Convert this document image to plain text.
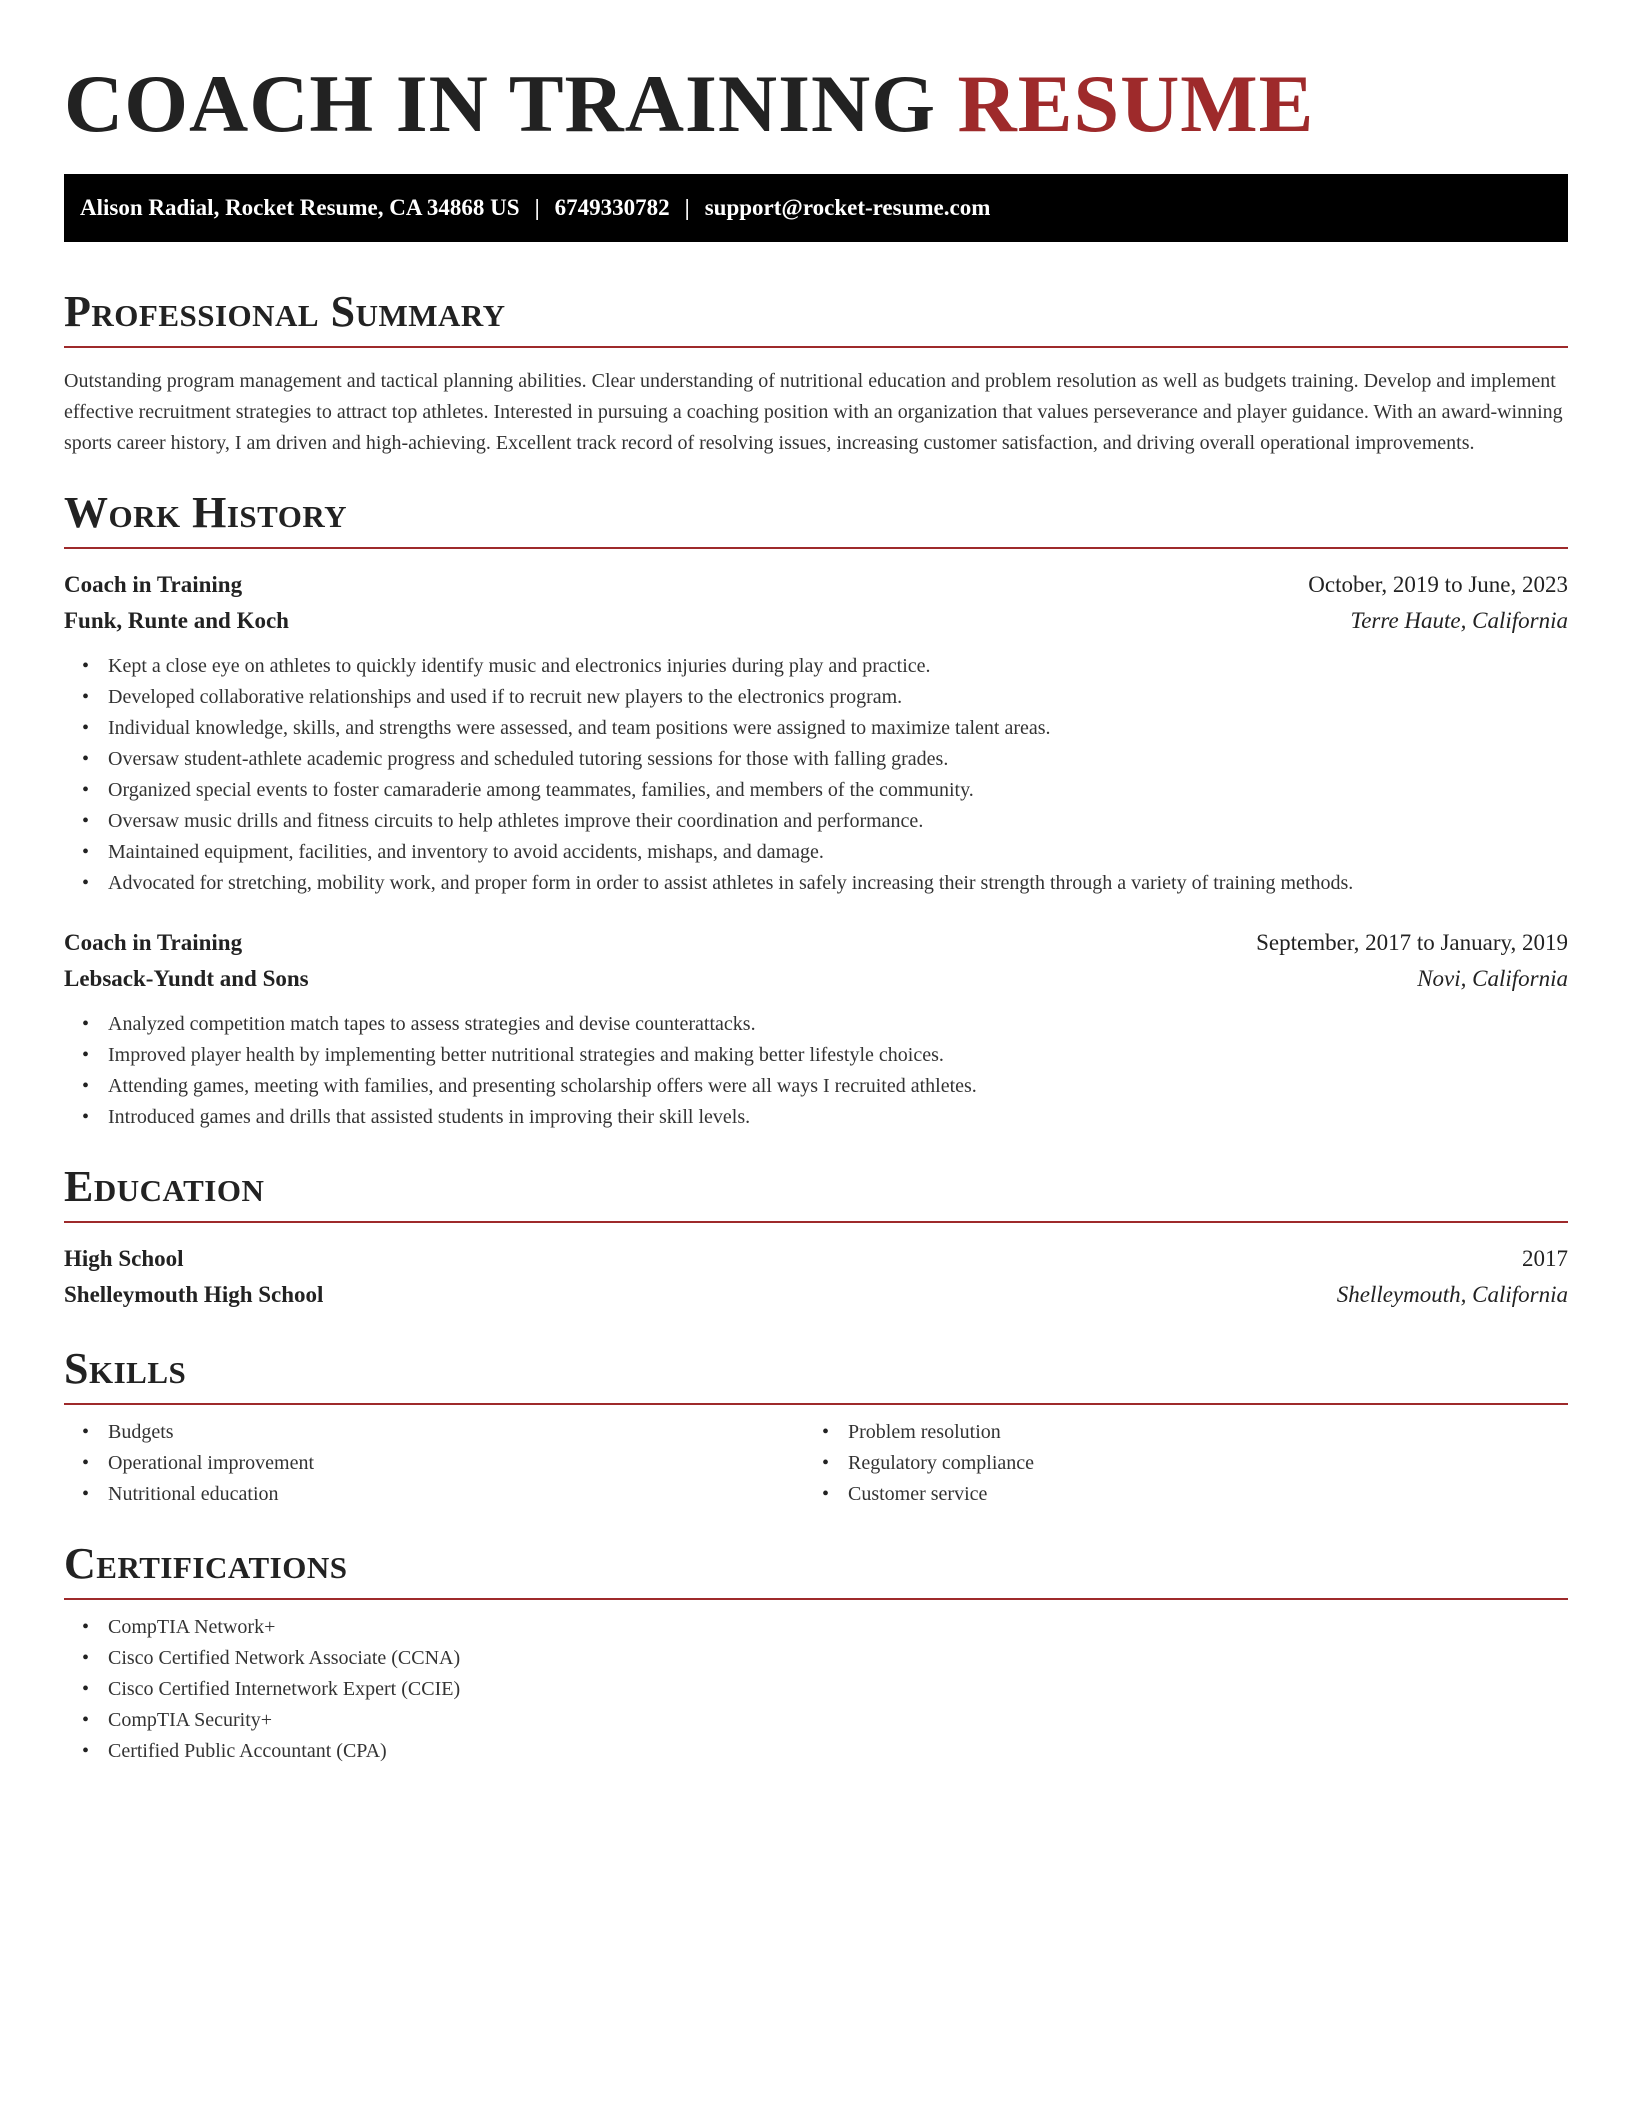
COACH IN TRAINING RESUME
Alison Radial, Rocket Resume, CA 34868 US | 6749330782 | support@rocket-resume.com
Professional Summary

Outstanding program management and tactical planning abilities. Clear understanding of nutritional education and problem resolution as well as budgets training. Develop and implement effective recruitment strategies to attract top athletes. Interested in pursuing a coaching position with an organization that values perseverance and player guidance. With an award-winning sports career history, I am driven and high-achieving. Excellent track record of resolving issues, increasing customer satisfaction, and driving overall operational improvements.

Work History
Coach in Training	October, 2019 to June, 2023
Funk, Runte and Koch	Terre Haute, California
• Kept a close eye on athletes to quickly identify music and electronics injuries during play and practice.
• Developed collaborative relationships and used if to recruit new players to the electronics program.
• Individual knowledge, skills, and strengths were assessed, and team positions were assigned to maximize talent areas.
• Oversaw student-athlete academic progress and scheduled tutoring sessions for those with falling grades.
• Organized special events to foster camaraderie among teammates, families, and members of the community.
• Oversaw music drills and fitness circuits to help athletes improve their coordination and performance.
• Maintained equipment, facilities, and inventory to avoid accidents, mishaps, and damage.
• Advocated for stretching, mobility work, and proper form in order to assist athletes in safely increasing their strength through a variety of training methods.
Coach in Training	September, 2017 to January, 2019
Lebsack-Yundt and Sons	Novi, California
• Analyzed competition match tapes to assess strategies and devise counterattacks.
• Improved player health by implementing better nutritional strategies and making better lifestyle choices.
• Attending games, meeting with families, and presenting scholarship offers were all ways I recruited athletes.
• Introduced games and drills that assisted students in improving their skill levels.
Education
High School	2017
Shelleymouth High School	Shelleymouth, California
Skills
• Budgets
• Operational improvement
• Nutritional education
• Problem resolution
• Regulatory compliance
• Customer service
Certifications
• CompTIA Network+
• Cisco Certified Network Associate (CCNA)
• Cisco Certified Internetwork Expert (CCIE)
• CompTIA Security+
• Certified Public Accountant (CPA)
